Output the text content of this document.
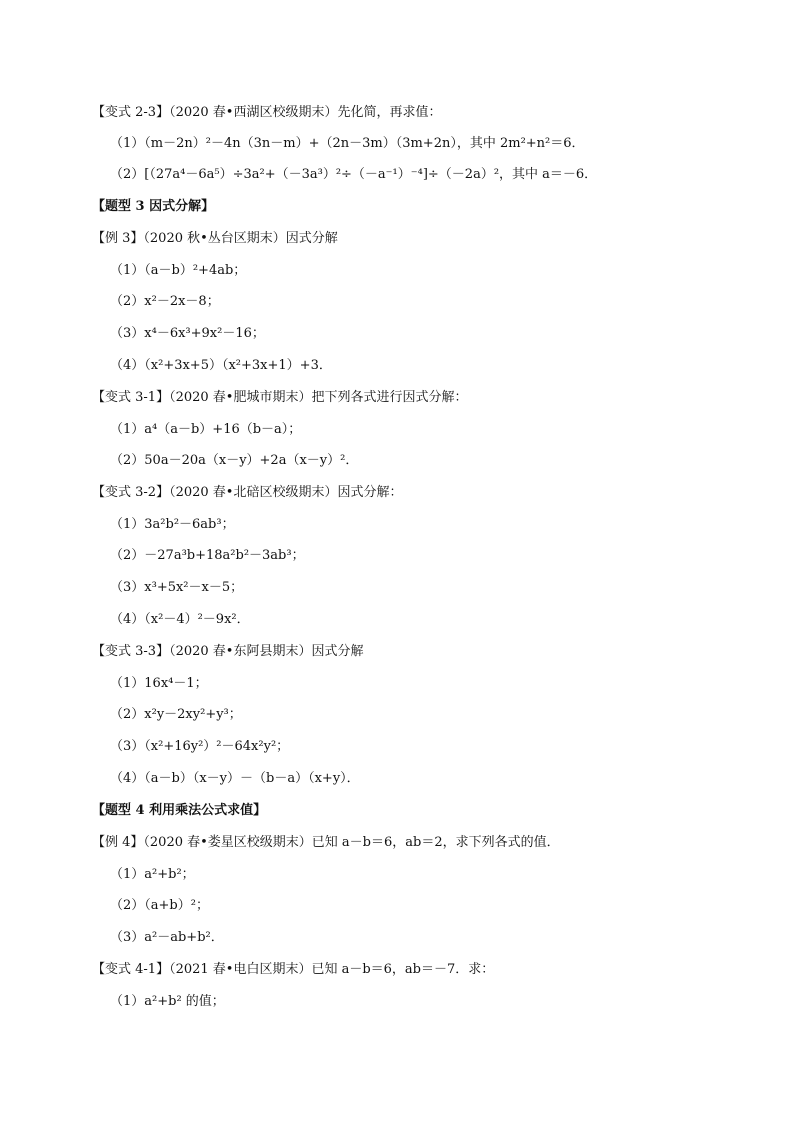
【变式 2-3】（2020 春•西湖区校级期末）先化简，再求值：
（1）（m－2n）²－4n（3n－m）+（2n－3m）（3m+2n），其中 2m²+n²＝6．
（2）[（27a⁴－6a⁵）÷3a²+（－3a³）²÷（－a⁻¹）⁻⁴]÷（－2a）²，其中 a＝－6．
【题型 3 因式分解】
【例 3】（2020 秋•丛台区期末）因式分解
（1）（a－b）²+4ab；
（2）x²－2x－8；
（3）x⁴－6x³+9x²－16；
（4）（x²+3x+5）（x²+3x+1）+3．
【变式 3-1】（2020 春•肥城市期末）把下列各式进行因式分解：
（1）a⁴（a－b）+16（b－a）；
（2）50a－20a（x－y）+2a（x－y）²．
【变式 3-2】（2020 春•北碚区校级期末）因式分解：
（1）3a²b²－6ab³；
（2）－27a³b+18a²b²－3ab³；
（3）x³+5x²－x－5；
（4）（x²－4）²－9x²．
【变式 3-3】（2020 春•东阿县期末）因式分解
（1）16x⁴－1；
（2）x²y－2xy²+y³；
（3）（x²+16y²）²－64x²y²；
（4）（a－b）（x－y）－（b－a）（x+y）．
【题型 4 利用乘法公式求值】
【例 4】（2020 春•娄星区校级期末）已知 a－b＝6，ab＝2，求下列各式的值．
（1）a²+b²；
（2）（a+b）²；
（3）a²－ab+b²．
【变式 4-1】（2021 春•电白区期末）已知 a－b＝6，ab＝－7．求：
（1）a²+b² 的值；
